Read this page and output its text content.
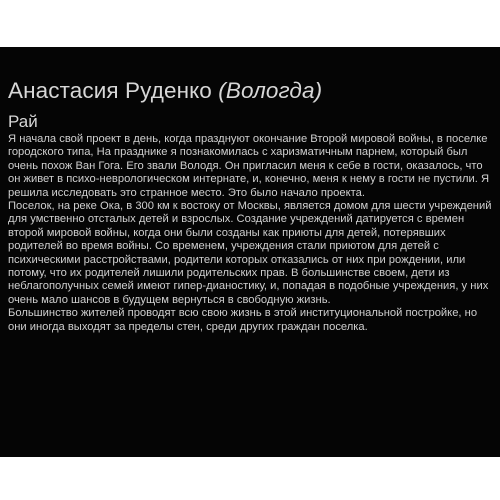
Анастасия Руденко (Вологда)
Рай

Я начала свой проект в день, когда празднуют окончание Второй мировой войны, в поселке городского типа, На празднике я познакомилась с харизматичным парнем, который был очень похож Ван Гога. Его звали Володя. Он пригласил меня к себе в гости, оказалось, что он живет в психо-неврологическом интернате, и, конечно, меня к нему в гости не пустили. Я решила исследовать это странное место. Это было начало проекта.

Поселок, на реке Ока, в 300 км к востоку от Москвы, является домом для шести учреждений для умственно отсталых детей и взрослых. Создание учреждений датируется с времен второй мировой войны, когда они были созданы как приюты для детей, потерявших родителей во время войны. Со временем, учреждения стали приютом для детей с психическими расстройствами, родители которых отказались от них при рождении, или потому, что их родителей лишили родительских прав. В большинстве своем, дети из неблагополучных семей имеют гипер-дианостику, и, попадая в подобные учреждения, у них очень мало шансов в будущем вернуться в свободную жизнь.

Большинство жителей проводят всю свою жизнь в этой институциональной постройке, но они иногда выходят за пределы стен, среди других граждан поселка.
